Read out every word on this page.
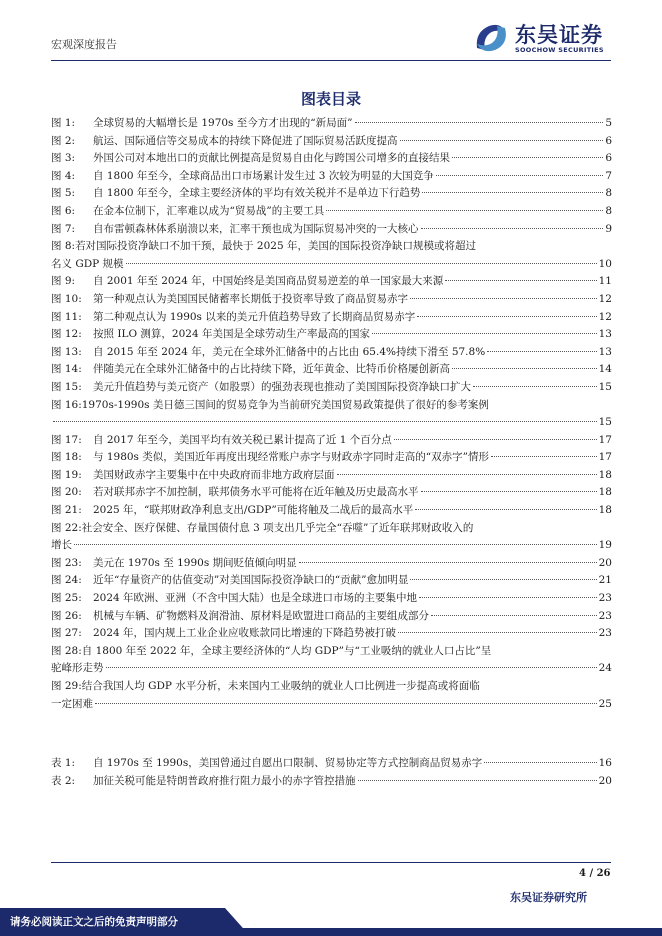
宏观深度报告	东吴证券
SOOCHOW SECURITIES
图表目录
图 1:	全球贸易的大幅增长是 1970s 至今方才出现的“新局面”	5
图 2:	航运、国际通信等交易成本的持续下降促进了国际贸易活跃度提高	6
图 3:	外国公司对本地出口的贡献比例提高是贸易自由化与跨国公司增多的直接结果	6
图 4:	自 1800 年至今，全球商品出口市场累计发生过 3 次较为明显的大国竞争	7
图 5:	自 1800 年至今，全球主要经济体的平均有效关税并不是单边下行趋势	8
图 6:	在金本位制下，汇率难以成为“贸易战”的主要工具	8
图 7:	自布雷顿森林体系崩溃以来，汇率干预也成为国际贸易冲突的一大核心	9
图 8:若对国际投资净缺口不加干预，最快于 2025 年，美国的国际投资净缺口规模或将超过
名义 GDP 规模	10
图 9:	自 2001 年至 2024 年，中国始终是美国商品贸易逆差的单一国家最大来源	11
图 10:	第一种观点认为美国国民储蓄率长期低于投资率导致了商品贸易赤字	12
图 11:	第二种观点认为 1990s 以来的美元升值趋势导致了长期商品贸易赤字	12
图 12:	按照 ILO 测算，2024 年美国是全球劳动生产率最高的国家	13
图 13:	自 2015 年至 2024 年，美元在全球外汇储备中的占比由 65.4%持续下滑至 57.8%	13
图 14:	伴随美元在全球外汇储备中的占比持续下降，近年黄金、比特币价格屡创新高	14
图 15:	美元升值趋势与美元资产（如股票）的强劲表现也推动了美国国际投资净缺口扩大	15
图 16:1970s-1990s 美日德三国间的贸易竞争为当前研究美国贸易政策提供了很好的参考案例
15
图 17:	自 2017 年至今，美国平均有效关税已累计提高了近 1 个百分点	17
图 18:	与 1980s 类似，美国近年再度出现经常账户赤字与财政赤字同时走高的“双赤字”情形	17
图 19:	美国财政赤字主要集中在中央政府而非地方政府层面	18
图 20:	若对联邦赤字不加控制，联邦债务水平可能将在近年触及历史最高水平	18
图 21:	2025 年，“联邦财政净利息支出/GDP”可能将触及二战后的最高水平	18
图 22:社会安全、医疗保健、存量国债付息 3 项支出几乎完全“吞噬”了近年联邦财政收入的
增长	19
图 23:	美元在 1970s 至 1990s 期间贬值倾向明显	20
图 24:	近年“存量资产的估值变动”对美国国际投资净缺口的“贡献”愈加明显	21
图 25:	2024 年欧洲、亚洲（不含中国大陆）也是全球进口市场的主要集中地	23
图 26:	机械与车辆、矿物燃料及润滑油、原材料是欧盟进口商品的主要组成部分	23
图 27:	2024 年，国内规上工业企业应收账款同比增速的下降趋势被打破	23
图 28:自 1800 年至 2022 年，全球主要经济体的“人均 GDP”与“工业吸纳的就业人口占比”呈
驼峰形走势	24
图 29:结合我国人均 GDP 水平分析，未来国内工业吸纳的就业人口比例进一步提高或将面临
一定困难	25
表 1:	自 1970s 至 1990s，美国曾通过自愿出口限制、贸易协定等方式控制商品贸易赤字	16
表 2:	加征关税可能是特朗普政府推行阻力最小的赤字管控措施	20
4 / 26
东吴证券研究所
请务必阅读正文之后的免责声明部分
